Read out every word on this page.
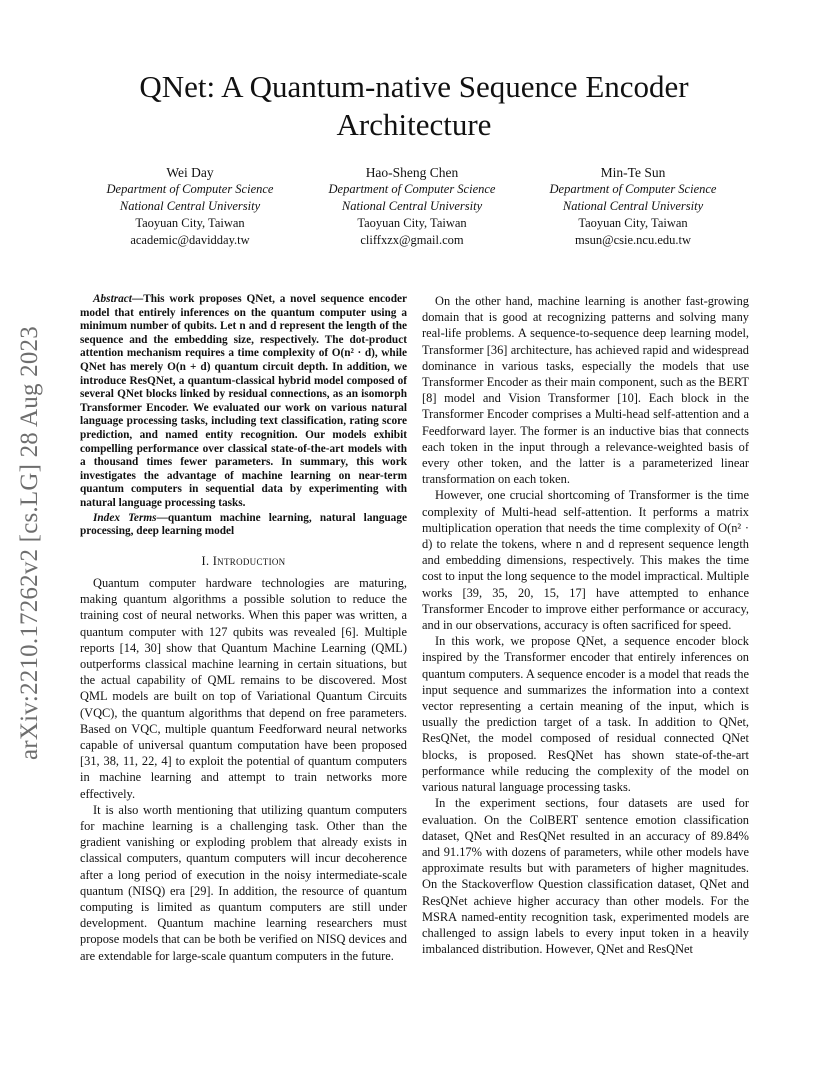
arXiv:2210.17262v2 [cs.LG] 28 Aug 2023
QNet: A Quantum-native Sequence Encoder Architecture
Wei Day
Department of Computer Science
National Central University
Taoyuan City, Taiwan
academic@davidday.tw
Hao-Sheng Chen
Department of Computer Science
National Central University
Taoyuan City, Taiwan
cliffxzx@gmail.com
Min-Te Sun
Department of Computer Science
National Central University
Taoyuan City, Taiwan
msun@csie.ncu.edu.tw

Abstract—This work proposes QNet, a novel sequence encoder model that entirely inferences on the quantum computer using a minimum number of qubits. Let n and d represent the length of the sequence and the embedding size, respectively. The dot-product attention mechanism requires a time complexity of O(n² · d), while QNet has merely O(n + d) quantum circuit depth. In addition, we introduce ResQNet, a quantum-classical hybrid model composed of several QNet blocks linked by residual connections, as an isomorph Transformer Encoder. We evaluated our work on various natural language processing tasks, including text classification, rating score prediction, and named entity recognition. Our models exhibit compelling performance over classical state-of-the-art models with a thousand times fewer parameters. In summary, this work investigates the advantage of machine learning on near-term quantum computers in sequential data by experimenting with natural language processing tasks.

Index Terms—quantum machine learning, natural language processing, deep learning model

I. Introduction

Quantum computer hardware technologies are maturing, making quantum algorithms a possible solution to reduce the training cost of neural networks. When this paper was written, a quantum computer with 127 qubits was revealed [6]. Multiple reports [14, 30] show that Quantum Machine Learning (QML) outperforms classical machine learning in certain situations, but the actual capability of QML remains to be discovered. Most QML models are built on top of Variational Quantum Circuits (VQC), the quantum algorithms that depend on free parameters. Based on VQC, multiple quantum Feedforward neural networks capable of universal quantum computation have been proposed [31, 38, 11, 22, 4] to exploit the potential of quantum computers in machine learning and attempt to train networks more effectively.

It is also worth mentioning that utilizing quantum computers for machine learning is a challenging task. Other than the gradient vanishing or exploding problem that already exists in classical computers, quantum computers will incur decoherence after a long period of execution in the noisy intermediate-scale quantum (NISQ) era [29]. In addition, the resource of quantum computing is limited as quantum computers are still under development. Quantum machine learning researchers must propose models that can be both be verified on NISQ devices and are extendable for large-scale quantum computers in the future.

On the other hand, machine learning is another fast-growing domain that is good at recognizing patterns and solving many real-life problems. A sequence-to-sequence deep learning model, Transformer [36] architecture, has achieved rapid and widespread dominance in various tasks, especially the models that use Transformer Encoder as their main component, such as the BERT [8] model and Vision Transformer [10]. Each block in the Transformer Encoder comprises a Multi-head self-attention and a Feedforward layer. The former is an inductive bias that connects each token in the input through a relevance-weighted basis of every other token, and the latter is a parameterized linear transformation on each token.

However, one crucial shortcoming of Transformer is the time complexity of Multi-head self-attention. It performs a matrix multiplication operation that needs the time complexity of O(n² · d) to relate the tokens, where n and d represent sequence length and embedding dimensions, respectively. This makes the time cost to input the long sequence to the model impractical. Multiple works [39, 35, 20, 15, 17] have attempted to enhance Transformer Encoder to improve either performance or accuracy, and in our observations, accuracy is often sacrificed for speed.

In this work, we propose QNet, a sequence encoder block inspired by the Transformer encoder that entirely inferences on quantum computers. A sequence encoder is a model that reads the input sequence and summarizes the information into a context vector representing a certain meaning of the input, which is usually the prediction target of a task. In addition to QNet, ResQNet, the model composed of residual connected QNet blocks, is proposed. ResQNet has shown state-of-the-art performance while reducing the complexity of the model on various natural language processing tasks.

In the experiment sections, four datasets are used for evaluation. On the ColBERT sentence emotion classification dataset, QNet and ResQNet resulted in an accuracy of 89.84% and 91.17% with dozens of parameters, while other models have approximate results but with parameters of higher magnitudes. On the Stackoverflow Question classification dataset, QNet and ResQNet achieve higher accuracy than other models. For the MSRA named-entity recognition task, experimented models are challenged to assign labels to every input token in a heavily imbalanced distribution. However, QNet and ResQNet
